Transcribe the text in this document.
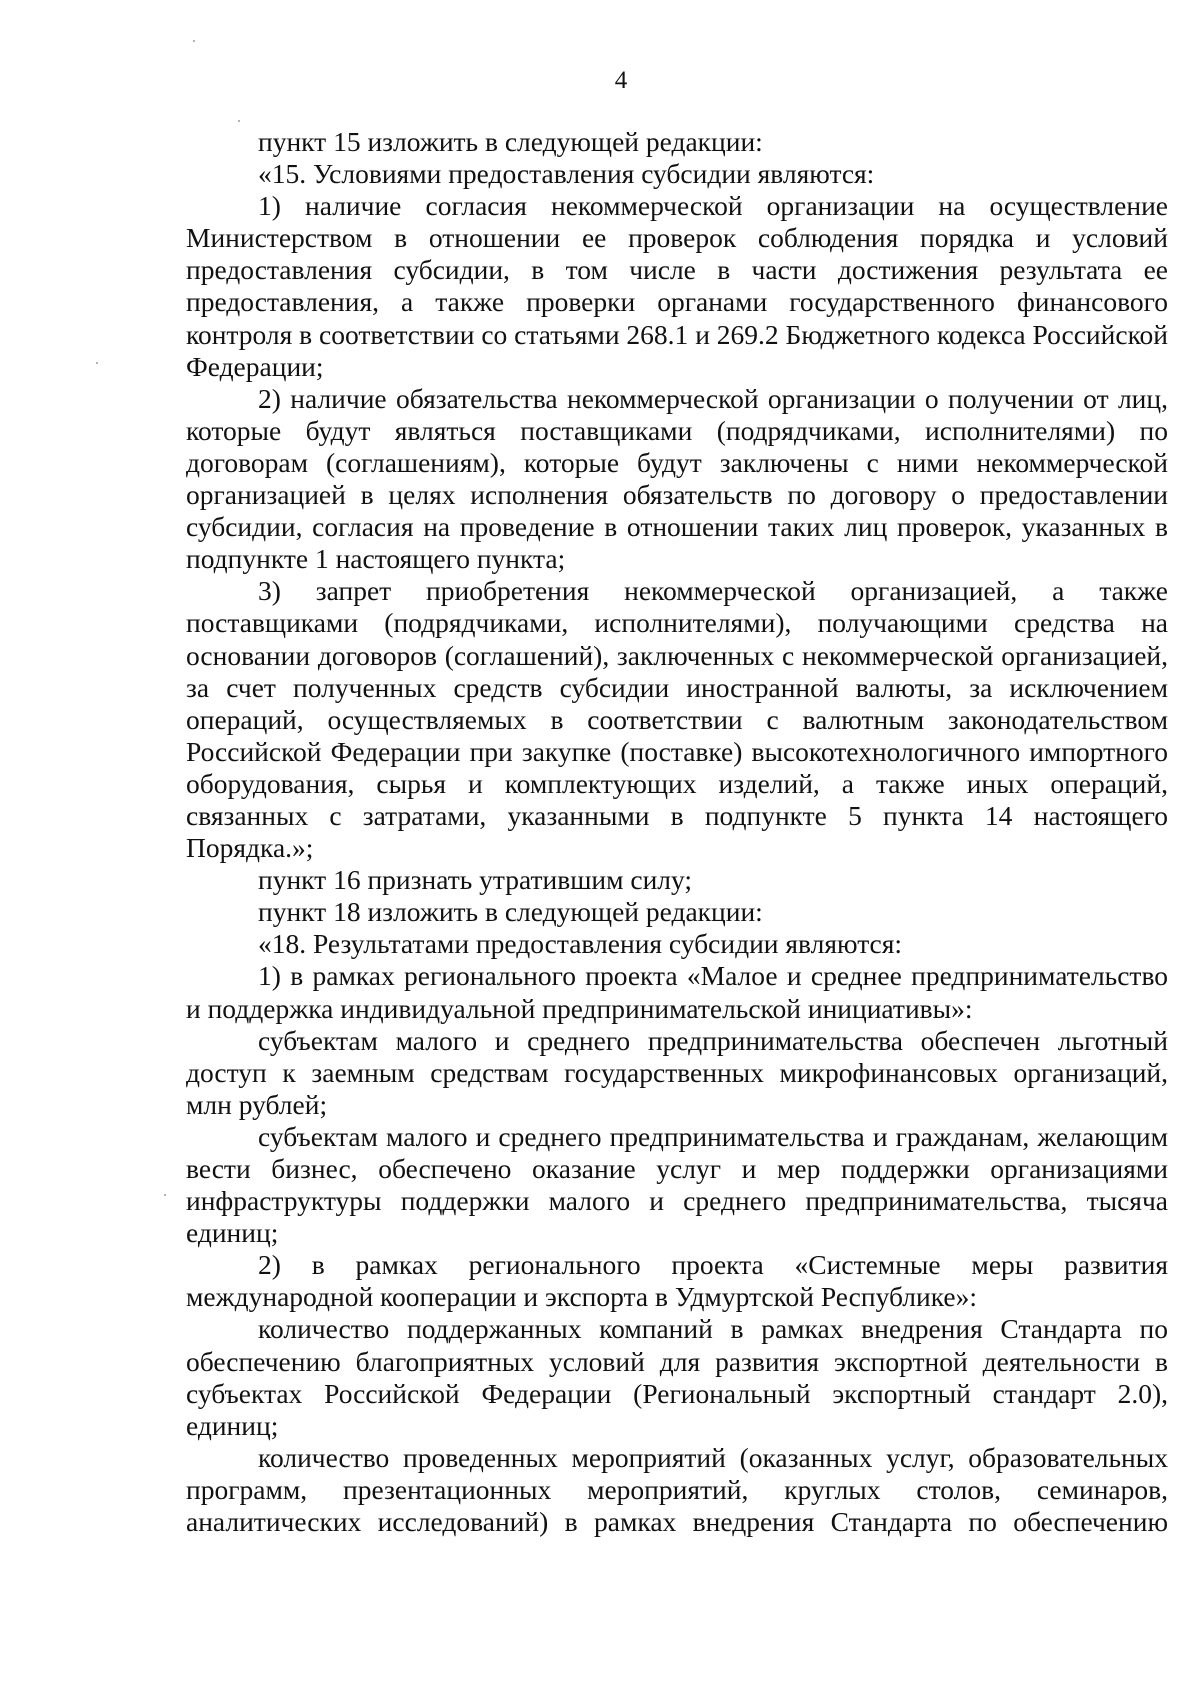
4

пункт 15 изложить в следующей редакции:

«15. Условиями предоставления субсидии являются:

1) наличие согласия некоммерческой организации на осуществление Министерством в отношении ее проверок соблюдения порядка и условий предоставления субсидии, в том числе в части достижения результата ее предоставления, а также проверки органами государственного финансового контроля в соответствии со статьями 268.1 и 269.2 Бюджетного кодекса Российской Федерации;

2) наличие обязательства некоммерческой организации о получении от лиц, которые будут являться поставщиками (подрядчиками, исполнителями) по договорам (соглашениям), которые будут заключены с ними некоммерческой организацией в целях исполнения обязательств по договору о предоставлении субсидии, согласия на проведение в отношении таких лиц проверок, указанных в подпункте 1 настоящего пункта;

3) запрет приобретения некоммерческой организацией, а также поставщиками (подрядчиками, исполнителями), получающими средства на основании договоров (соглашений), заключенных с некоммерческой организацией, за счет полученных средств субсидии иностранной валюты, за исключением операций, осуществляемых в соответствии с валютным законодательством Российской Федерации при закупке (поставке) высокотехнологичного импортного оборудования, сырья и комплектующих изделий, а также иных операций, связанных с затратами, указанными в подпункте 5 пункта 14 настоящего Порядка.»;

пункт 16 признать утратившим силу;

пункт 18 изложить в следующей редакции:

«18. Результатами предоставления субсидии являются:

1) в рамках регионального проекта «Малое и среднее предпринимательство и поддержка индивидуальной предпринимательской инициативы»:

субъектам малого и среднего предпринимательства обеспечен льготный доступ к заемным средствам государственных микрофинансовых организаций, млн рублей;

субъектам малого и среднего предпринимательства и гражданам, желающим вести бизнес, обеспечено оказание услуг и мер поддержки организациями инфраструктуры поддержки малого и среднего предпринимательства, тысяча единиц;

2) в рамках регионального проекта «Системные меры развития международной кооперации и экспорта в Удмуртской Республике»:

количество поддержанных компаний в рамках внедрения Стандарта по обеспечению благоприятных условий для развития экспортной деятельности в субъектах Российской Федерации (Региональный экспортный стандарт 2.0), единиц;

количество проведенных мероприятий (оказанных услуг, образовательных программ, презентационных мероприятий, круглых столов, семинаров, аналитических исследований) в рамках внедрения Стандарта по обеспечению
